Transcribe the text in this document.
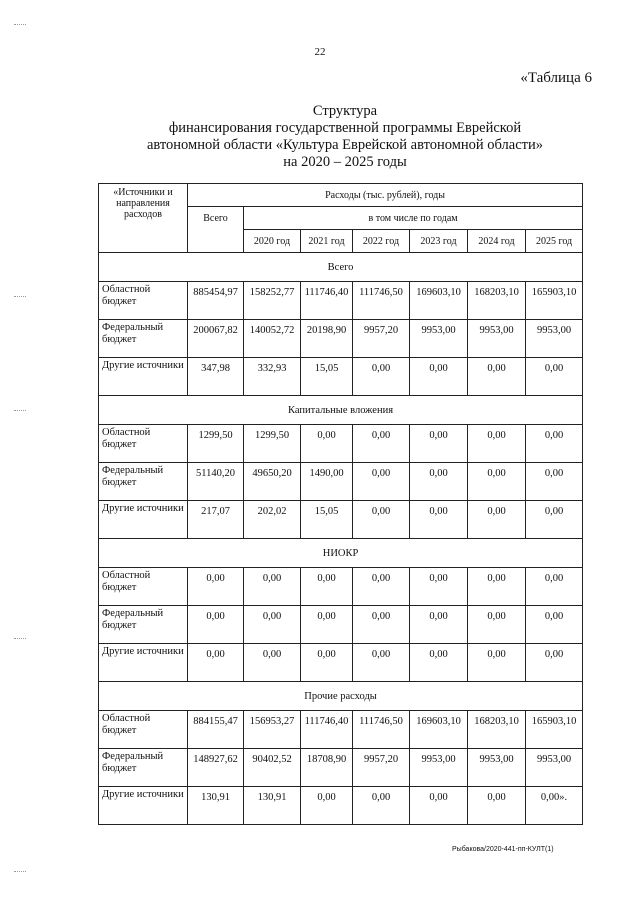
22
«Таблица 6
Структура
финансирования государственной программы Еврейской
автономной области «Культура Еврейской автономной области»
на 2020 – 2025 годы
«Источники и направления расходов	Расходы (тыс. рублей), годы						
	Всего	в том числе по годам					
		2020 год	2021 год	2022 год	2023 год	2024 год	2025 год
Всего							
Областной бюджет	885454,97	158252,77	111746,40	111746,50	169603,10	168203,10	165903,10
Федеральный бюджет	200067,82	140052,72	20198,90	9957,20	9953,00	9953,00	9953,00
Другие источники	347,98	332,93	15,05	0,00	0,00	0,00	0,00
Капитальные вложения							
Областной бюджет	1299,50	1299,50	0,00	0,00	0,00	0,00	0,00
Федеральный бюджет	51140,20	49650,20	1490,00	0,00	0,00	0,00	0,00
Другие источники	217,07	202,02	15,05	0,00	0,00	0,00	0,00
НИОКР							
Областной бюджет	0,00	0,00	0,00	0,00	0,00	0,00	0,00
Федеральный бюджет	0,00	0,00	0,00	0,00	0,00	0,00	0,00
Другие источники	0,00	0,00	0,00	0,00	0,00	0,00	0,00
Прочие расходы							
Областной бюджет	884155,47	156953,27	111746,40	111746,50	169603,10	168203,10	165903,10
Федеральный бюджет	148927,62	90402,52	18708,90	9957,20	9953,00	9953,00	9953,00
Другие источники	130,91	130,91	0,00	0,00	0,00	0,00	0,00».
Рыбакова/2020-441-пп-КУЛТ(1)
